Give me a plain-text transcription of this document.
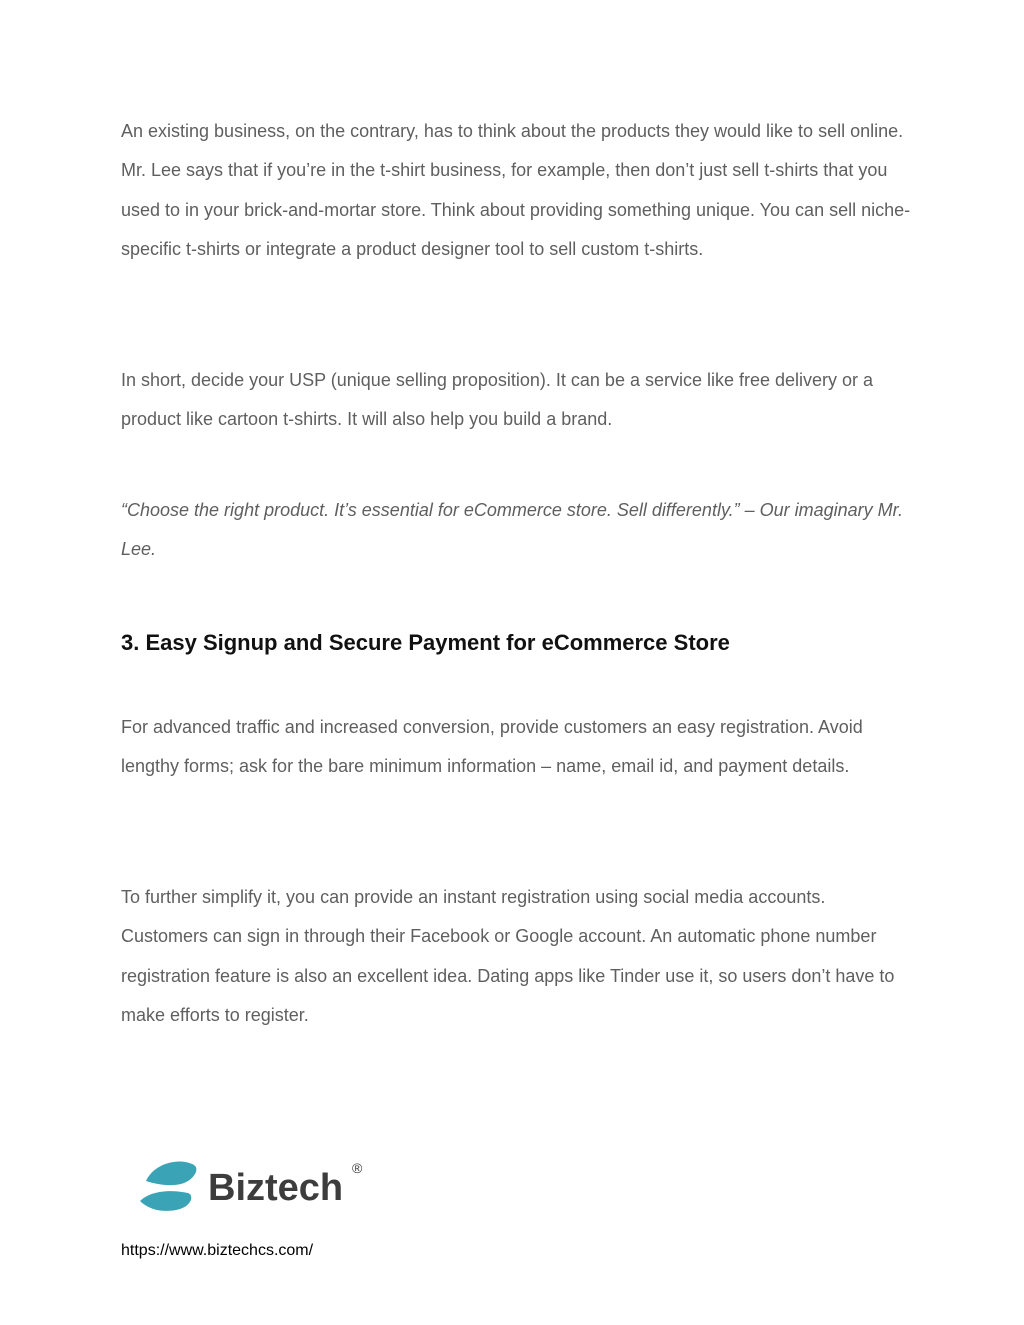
An existing business, on the contrary, has to think about the products they would like to sell online. Mr. Lee says that if you’re in the t-shirt business, for example, then don’t just sell t-shirts that you used to in your brick-and-mortar store. Think about providing something unique. You can sell niche-specific t-shirts or integrate a product designer tool to sell custom t-shirts.

In short, decide your USP (unique selling proposition). It can be a service like free delivery or a product like cartoon t-shirts. It will also help you build a brand.

“Choose the right product. It’s essential for eCommerce store. Sell differently.” – Our imaginary Mr. Lee.

3. Easy Signup and Secure Payment for eCommerce Store

For advanced traffic and increased conversion, provide customers an easy registration. Avoid lengthy forms; ask for the bare minimum information – name, email id, and payment details.

To further simplify it, you can provide an instant registration using social media accounts. Customers can sign in through their Facebook or Google account. An automatic phone number registration feature is also an excellent idea. Dating apps like Tinder use it, so users don’t have to make efforts to register.

Biztech ®
https://www.biztechcs.com/
